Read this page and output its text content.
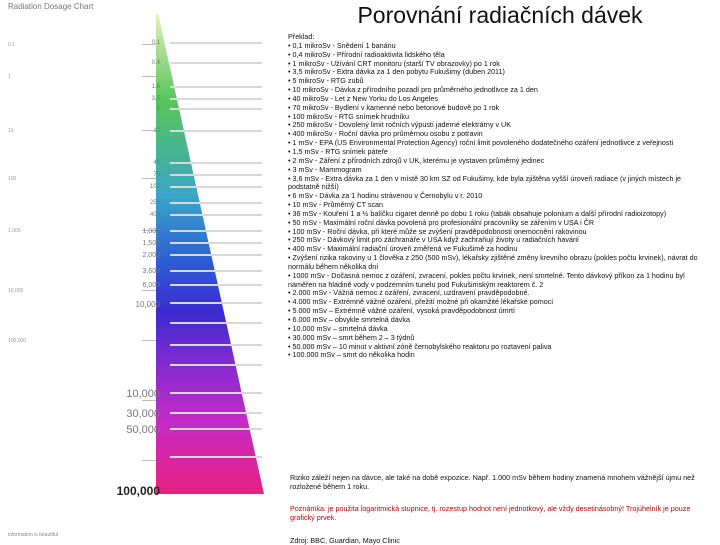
Porovnání radiačních dávek
Radiation Dosage Chart
0.1
1
10
100
1,000
10,000
100,000
0.1
0.4
1.6
3.5
5
10
40
70
100
250
400
1,000
1,500
2,000
3,600
6,000
10,000
10,000
30,000
50,000
100,000
information is beautiful

Překlad:

• 0,1 mikroSv - Snědení 1 banánu

• 0,4 mikroSv - Přírodní radioaktivita lidského těla

• 1 mikroSv - Užívání CRT monitoru (starší TV obrazovky) po 1 rok

• 3,5 mikroSv - Extra dávka za 1 den pobytu Fukušimy (duben 2011)

• 5 mikroSv - RTG zubů

• 10 mikroSv - Dávka z přírodního pozadí pro průměrného jednotlivce za 1 den

• 40 mikroSv - Let z New Yorku do Los Angeles

• 70 mikroSv - Bydlení v kamenné nebo betonové budově po 1 rok

• 100 mikroSv - RTG snímek hrudníku

• 250 mikroSv - Dovolený limit ročních výpustí jaderné elektrárny v UK

• 400 mikroSv - Roční dávka pro průměrnou osobu z potravin

• 1 mSv - EPA (US Environmental Protection Agency) roční limit povoleného dodatečného ozáření jednotlivce z veřejnosti

• 1,5 mSv - RTG snímek páteře

• 2 mSv - Záření z přírodních zdrojů v UK, kterému je vystaven průměrný jedinec

• 3 mSv - Mammogram

• 3,6 mSv - Extra dávka za 1 den v místě 30 km SZ od Fukušimy, kde byla zjištěna vyšší úroveň radiace (v jiných místech je podstatně nižší)

• 6 mSv - Dávka za 1 hodinu strávenou v Černobylu v r. 2010

• 10 mSv - Průměrný CT scan

• 36 mSv - Kouření 1 a ½ balíčku cigaret denně po dobu 1 roku (tabák obsahuje polonium a další přírodní radioizotopy)

• 50 mSv - Maximální roční dávka povolená pro profesionální pracovníky se zářením v USA i ČR

• 100 mSv - Roční dávka, při které může se zvýšení pravděpodobnosti onemocnění rakovinou

• 250 mSv - Dávkový limit pro záchranáře v USA když zachraňují životy u radiačních havárií

• 400 mSv - Maximální radiační úroveň změřená ve Fukušimě za hodinu

• Zvýšení rizika rakoviny u 1 člověka z 250 (500 mSv), lékařsky zjištěné změny krevního obrazu (pokles počtu krvinek), návrat do normálu během několika dní

• 1000 mSv - Dočasná nemoc z ozáření, zvracení, pokles počtu krvinek, není smrtelné. Tento dávkový příkon za 1 hodinu byl naměřen na hladině vody v podzemním tunelu pod Fukušimským reaktorem č. 2

• 2.000 mSv - Vážná nemoc z ozáření, zvracení, uzdravení pravděpodobné.

• 4.000 mSv - Extrémně vážné ozáření, přežití možné při okamžité lékařské pomoci

• 5.000 mSv – Extrémně vážné ozáření, vysoká pravděpodobnost úmrtí

• 6.000 mSv – obvykle smrtelná dávka

• 10.000 mSv – smrtelná dávka

• 30.000 mSv – smrt během 2 – 3 týdnů

• 50.000 mSv – 10 minut v aktivní zóně černobylského reaktoru po roztavení paliva

• 100.000 mSv – smrt do několika hodin

Riziko záleží nejen na dávce, ale také na době expozice. Např. 1.000 mSv během hodiny znamená mnohem vážnější újmu než rozložené během 1 roku.

Poznámka: je použita logaritmická stupnice, tj. rozestup hodnot není jednotkový, ale vždy desetinásobný! Trojúhelník je pouze grafický prvek.

Zdroj: BBC, Guardian, Mayo Clinic
